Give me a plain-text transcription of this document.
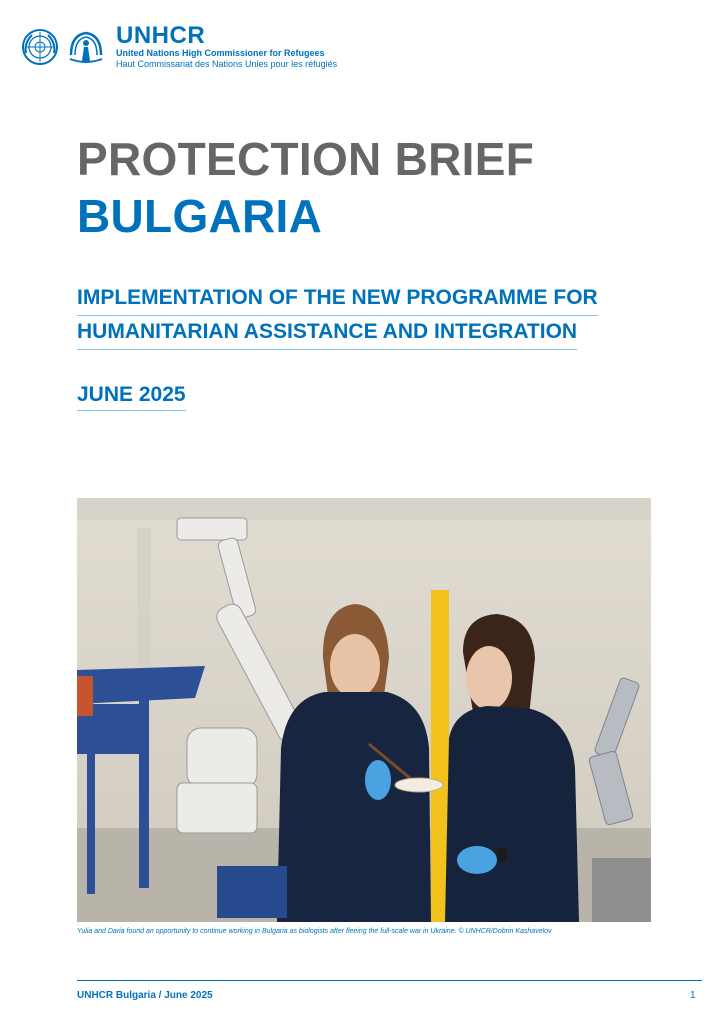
UNHCR
United Nations High Commissioner for Refugees
Haut Commissariat des Nations Unies pour les réfugiés
PROTECTION BRIEF
BULGARIA
IMPLEMENTATION OF THE NEW PROGRAMME FOR
HUMANITARIAN ASSISTANCE AND INTEGRATION
JUNE 2025
Yulia and Daria found an opportunity to continue working in Bulgaria as biologists after fleeing the full-scale war in Ukraine. © UNHCR/Dobrin Kashavelov
UNHCR Bulgaria / June 2025	1
